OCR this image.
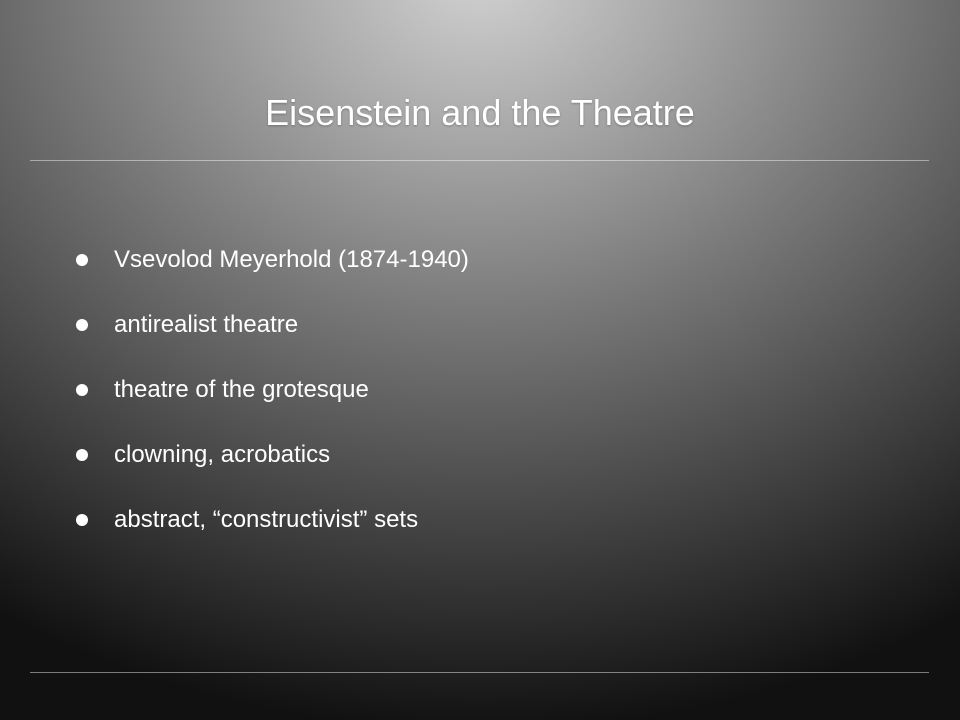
Eisenstein and the Theatre
Vsevolod Meyerhold (1874-1940)
antirealist theatre
theatre of the grotesque
clowning, acrobatics
abstract, “constructivist” sets
